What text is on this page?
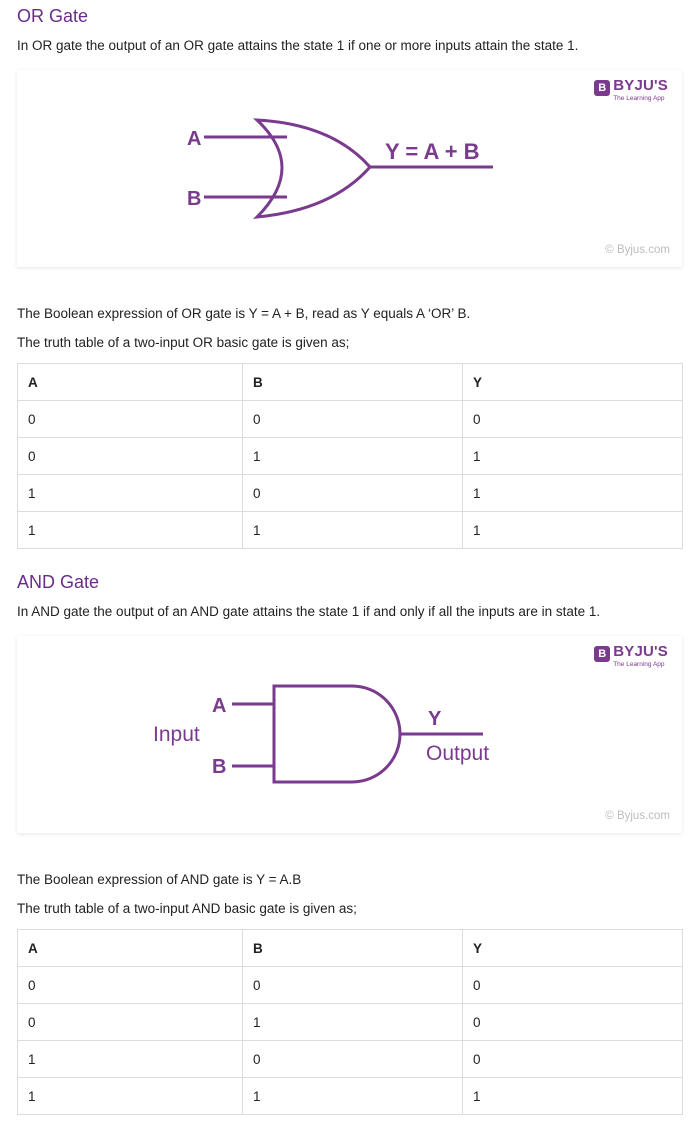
OR Gate

In OR gate the output of an OR gate attains the state 1 if one or more inputs attain the state 1.

B BYJU'S
The Learning App
A
B
Y = A + B
© Byjus.com

The Boolean expression of OR gate is Y = A + B, read as Y equals A ‘OR’ B.

The truth table of a two-input OR basic gate is given as;

A	B	Y
0	0	0
0	1	1
1	0	1
1	1	1
AND Gate

In AND gate the output of an AND gate attains the state 1 if and only if all the inputs are in state 1.

B BYJU'S
The Learning App
A
B
Input
Y
Output
© Byjus.com

The Boolean expression of AND gate is Y = A.B

The truth table of a two-input AND basic gate is given as;

A	B	Y
0	0	0
0	1	0
1	0	0
1	1	1
